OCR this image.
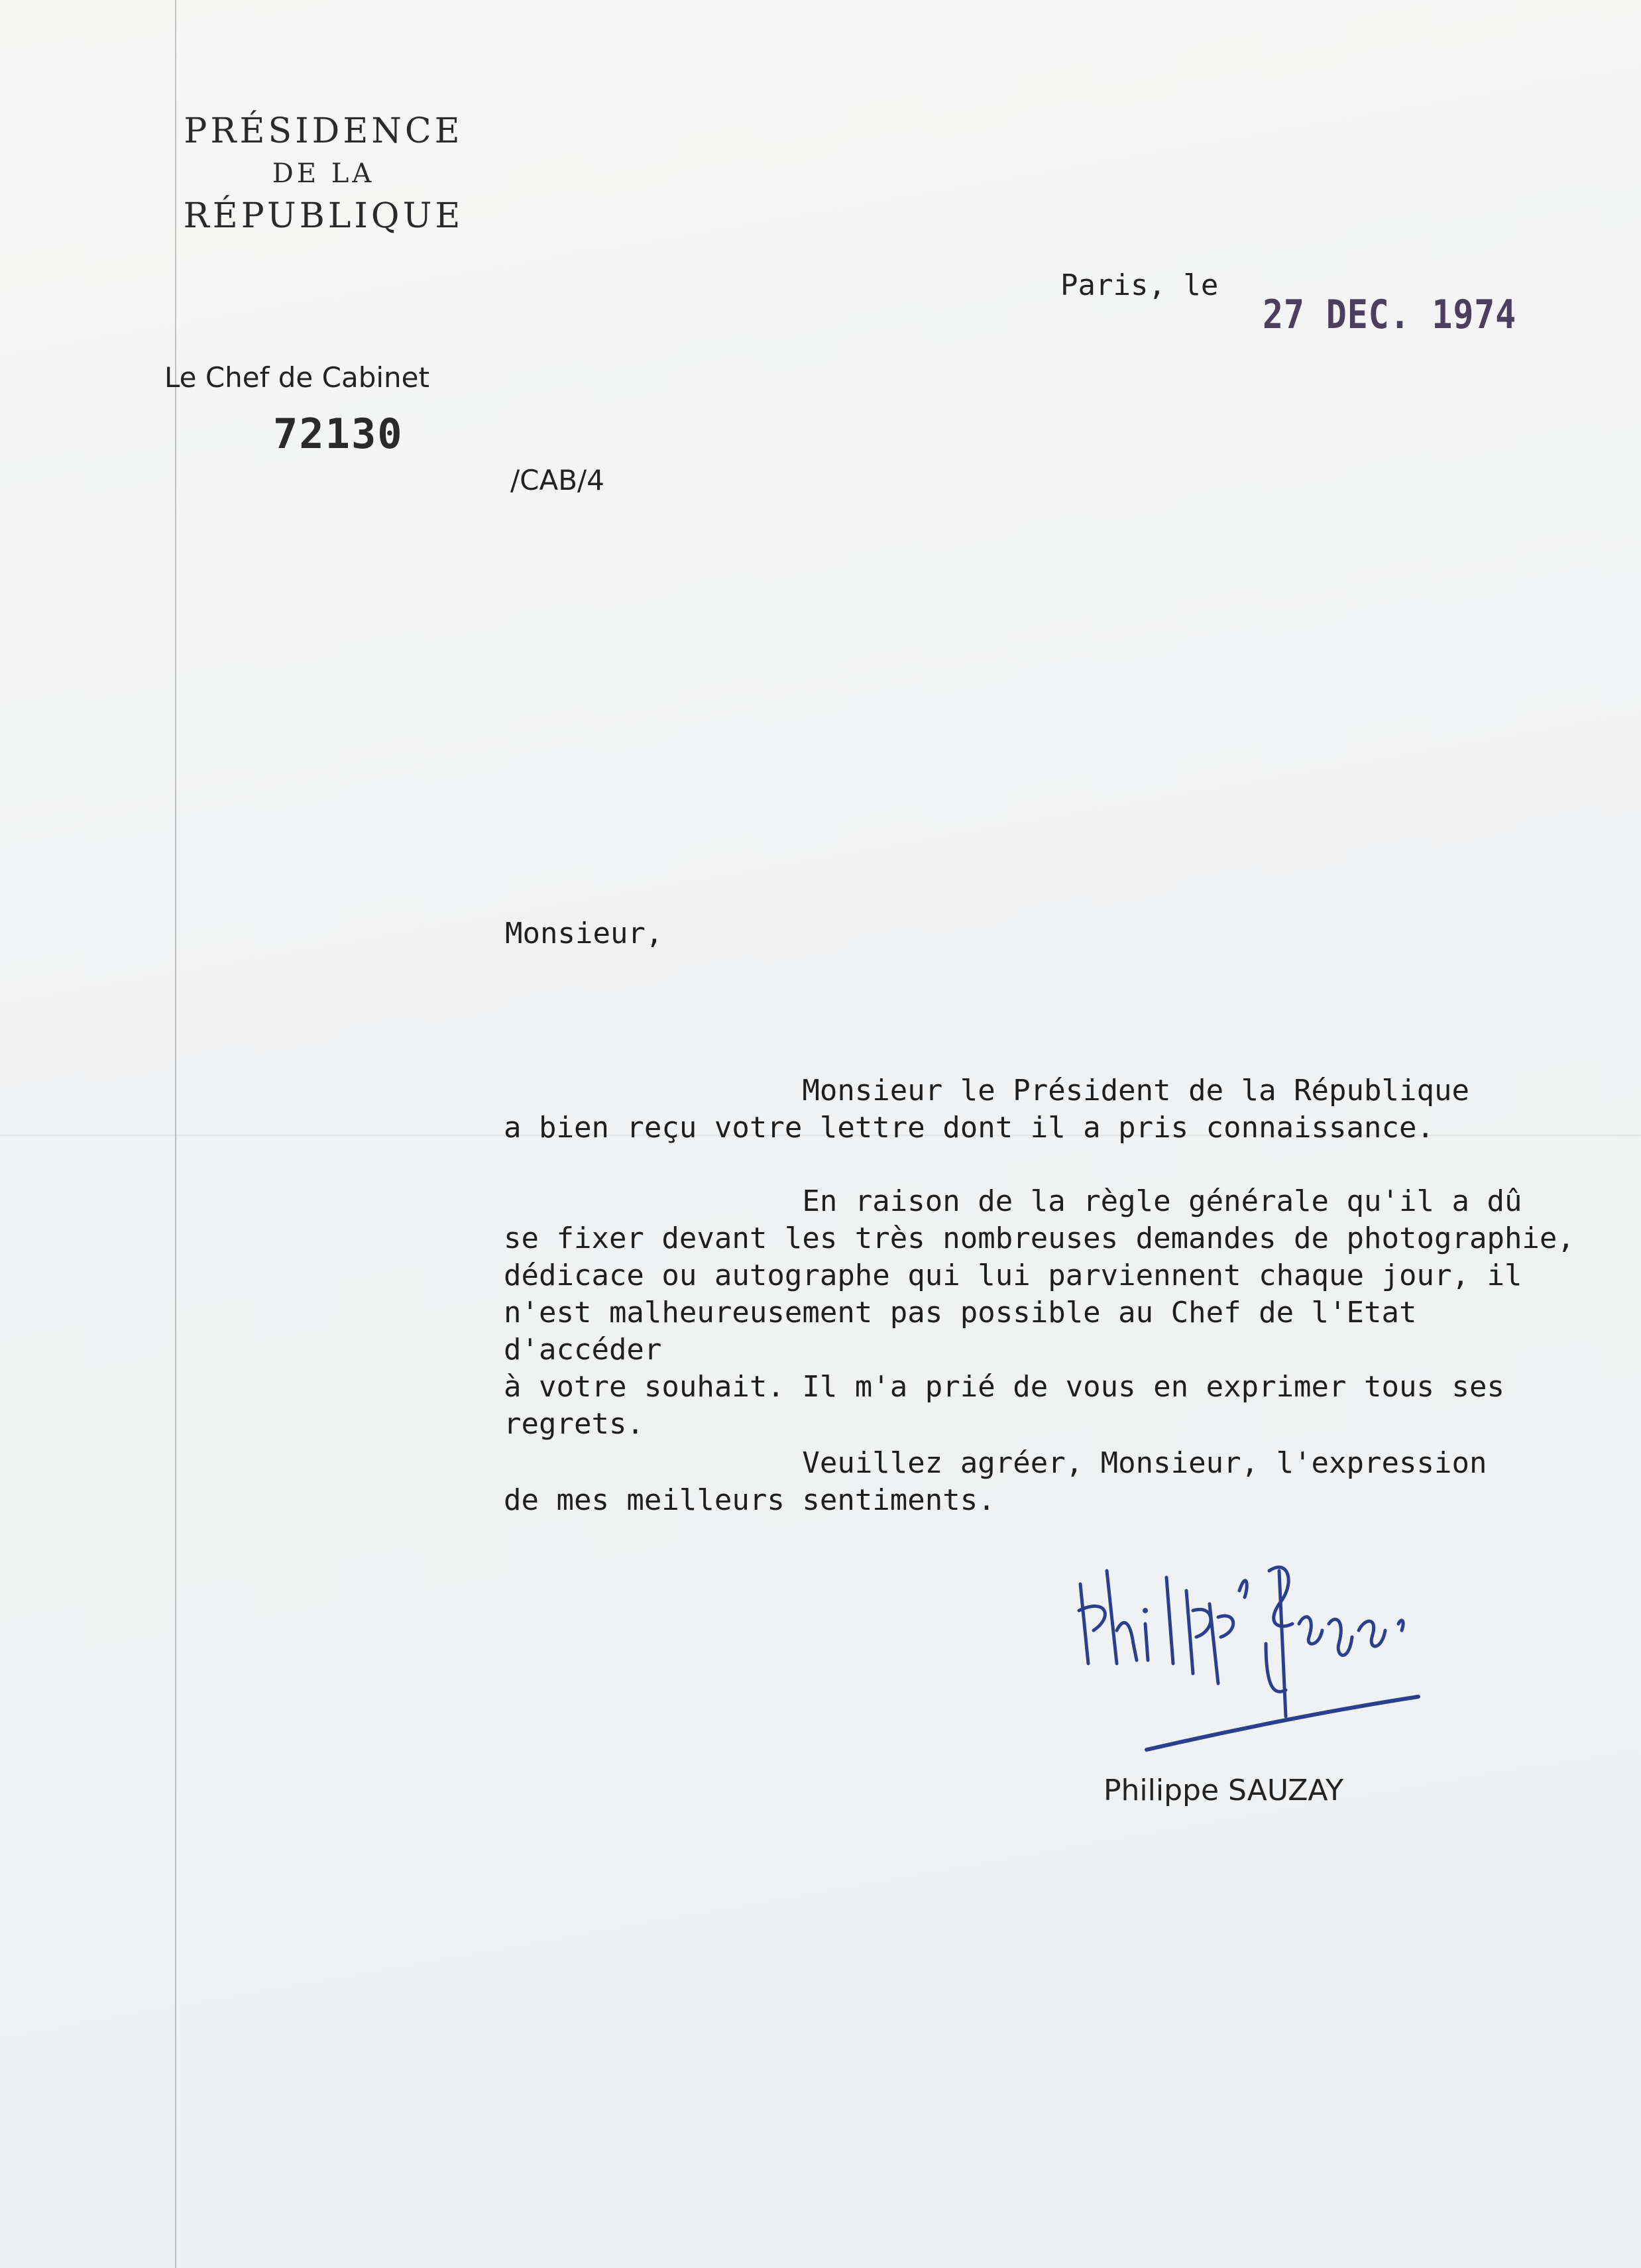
PRÉSIDENCE
DE LA
RÉPUBLIQUE
Le Chef de Cabinet
72130
/CAB/4
Paris, le
27 DEC. 1974
Monsieur,
Monsieur le Président de la République
a bien reçu votre lettre dont il a pris connaissance.
En raison de la règle générale qu'il a dû
se fixer devant les très nombreuses demandes de photographie,
dédicace ou autographe qui lui parviennent chaque jour, il
n'est malheureusement pas possible au Chef de l'Etat d'accéder
à votre souhait. Il m'a prié de vous en exprimer tous ses
regrets.
Veuillez agréer, Monsieur, l'expression
de mes meilleurs sentiments.
Philippe SAUZAY
